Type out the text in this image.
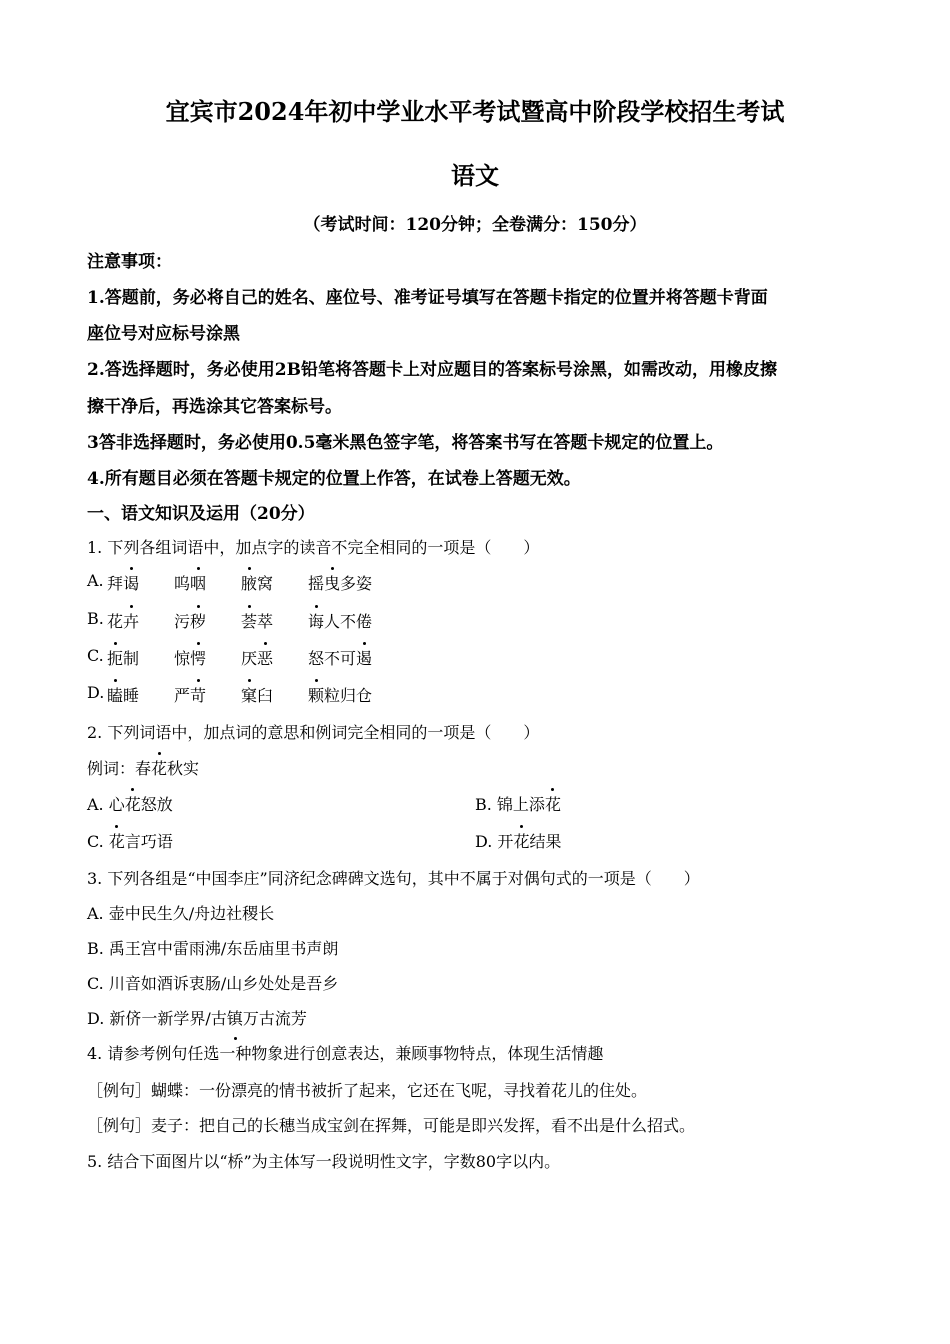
宜宾市2024年初中学业水平考试暨高中阶段学校招生考试
语文
（考试时间：120分钟；全卷满分：150分）
注意事项：
1.答题前，务必将自己的姓名、座位号、准考证号填写在答题卡指定的位置并将答题卡背面
座位号对应标号涂黑
2.答选择题时，务必使用2B铅笔将答题卡上对应题目的答案标号涂黑，如需改动，用橡皮擦
擦干净后，再选涂其它答案标号。
3答非选择题时，务必使用0.5毫米黑色签字笔，将答案书写在答题卡规定的位置上。
4.所有题目必须在答题卡规定的位置上作答，在试卷上答题无效。
一、语文知识及运用（20分）
1. 下列各组词语中，加点字的读音不完全相同的一项是（　　）
A. 拜谒 呜咽 腋窝 摇曳多姿
B. 花卉 污秽 荟萃 诲人不倦
C. 扼制 惊愕 厌恶 怒不可遏
D. 瞌睡 严苛 窠臼 颗粒归仓
2. 下列词语中，加点词的意思和例词完全相同的一项是（　　）
例词：春花秋实
A. 心花怒放	B. 锦上添花
C. 花言巧语	D. 开花结果
3. 下列各组是“中国李庄”同济纪念碑碑文选句，其中不属于对偶句式的一项是（　　）
A. 壶中民生久/舟边社稷长
B. 禹王宫中雷雨沸/东岳庙里书声朗
C. 川音如酒诉衷肠/山乡处处是吾乡
D. 新侪一新学界/古镇万古流芳
4. 请参考例句任选一种物象进行创意表达，兼顾事物特点，体现生活情趣
［例句］蝴蝶：一份漂亮的情书被折了起来，它还在飞呢，寻找着花儿的住处。
［例句］麦子：把自己的长穗当成宝剑在挥舞，可能是即兴发挥，看不出是什么招式。
5. 结合下面图片以“桥”为主体写一段说明性文字，字数80字以内。
